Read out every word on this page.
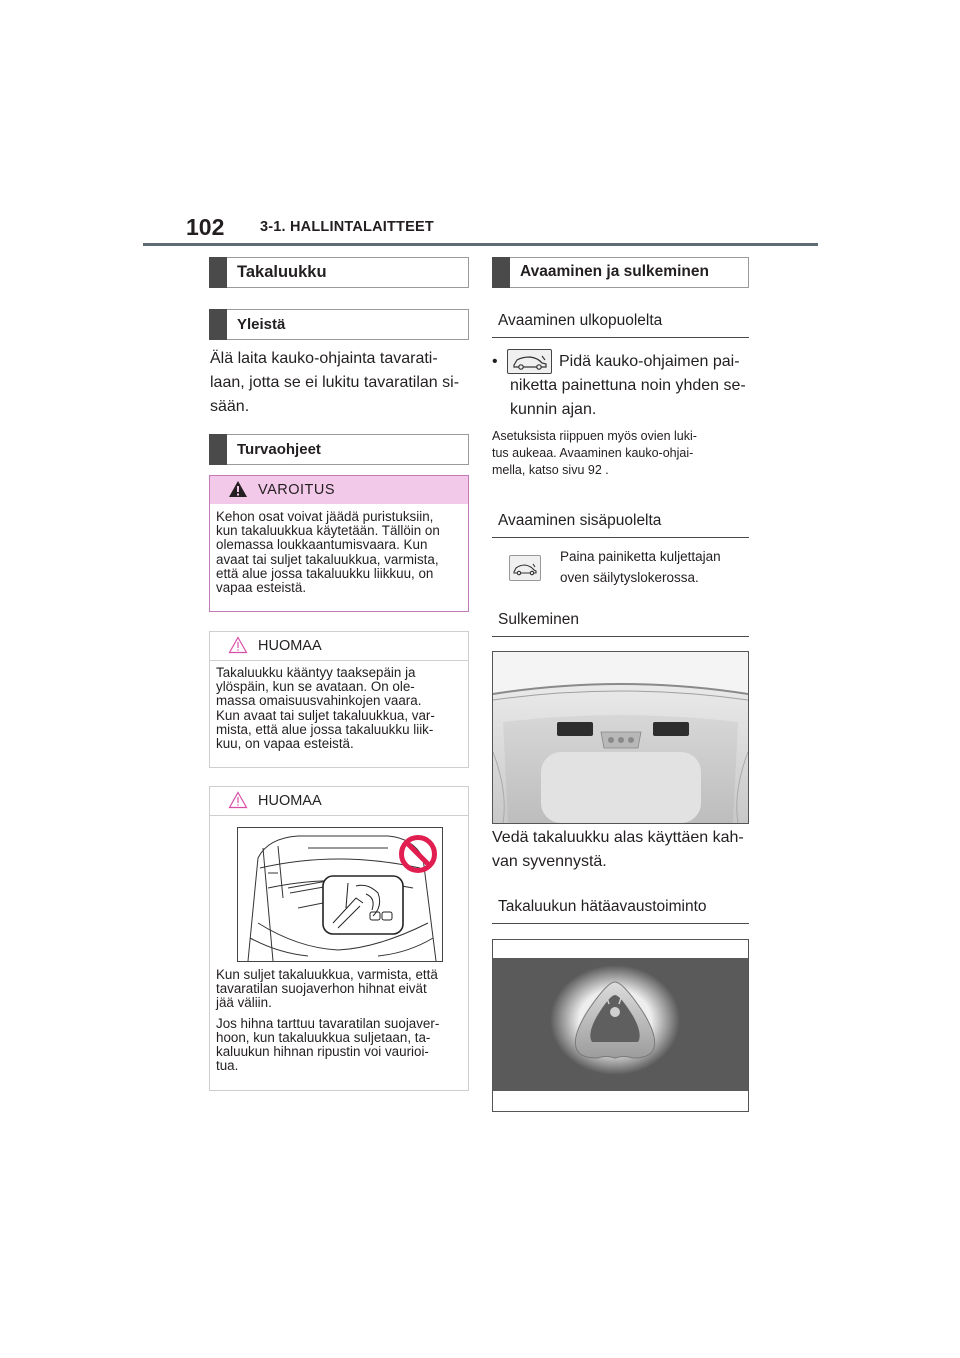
102 3-1. HALLINTALAITTEET
Takaluukku
Yleistä
Älä laita kauko-ohjainta tavarati-
laan, jotta se ei lukitu tavaratilan si-
sään.
Turvaohjeet
VAROITUS
Kehon osat voivat jäädä puristuksiin,
kun takaluukkua käytetään. Tällöin on
olemassa loukkaantumisvaara. Kun
avaat tai suljet takaluukkua, varmista,
että alue jossa takaluukku liikkuu, on
vapaa esteistä.
HUOMAA
Takaluukku kääntyy taaksepäin ja
ylöspäin, kun se avataan. On ole-
massa omaisuusvahinkojen vaara.
Kun avaat tai suljet takaluukkua, var-
mista, että alue jossa takaluukku liik-
kuu, on vapaa esteistä.
HUOMAA
Kun suljet takaluukkua, varmista, että
tavaratilan suojaverhon hihnat eivät
jää väliin.
Jos hihna tarttuu tavaratilan suojaver-
hoon, kun takaluukkua suljetaan, ta-
kaluukun hihnan ripustin voi vaurioi-
tua.
Avaaminen ja sulkeminen
Avaaminen ulkopuolelta
•	Pidä kauko-ohjaimen pai-
niketta painettuna noin yhden se-
kunnin ajan.
Asetuksista riippuen myös ovien luki-
tus aukeaa. Avaaminen kauko-ohjai-
mella, katso sivu 92 .
Avaaminen sisäpuolelta
Paina painiketta kuljettajan
oven säilytyslokerossa.
Sulkeminen
Vedä takaluukku alas käyttäen kah-
van syvennystä.
Takaluukun hätäavaustoiminto
